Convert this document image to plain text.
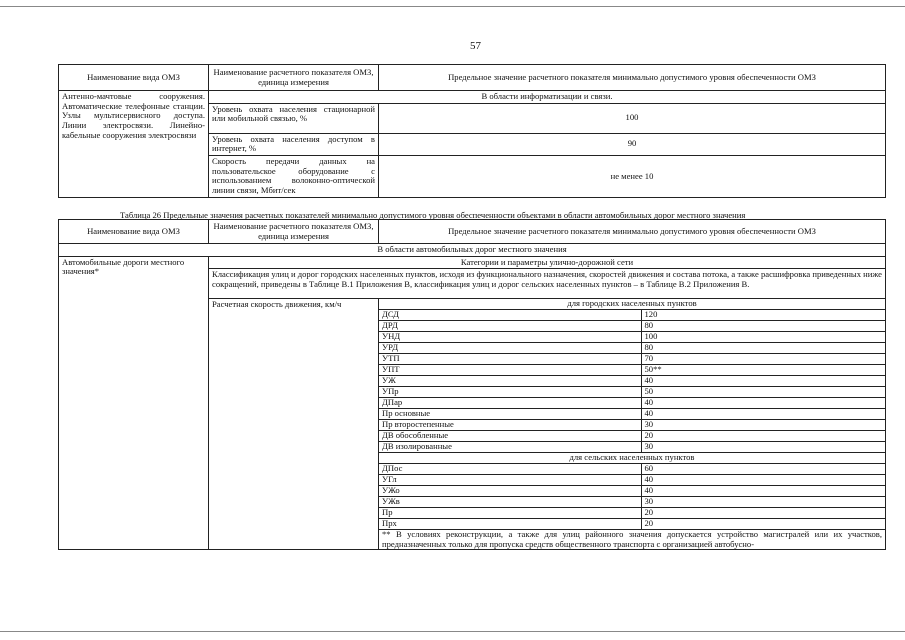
57
Наименование вида ОМЗ	Наименование расчетного показателя ОМЗ, единица измерения	Предельное значение расчетного показателя минимально допустимого уровня обеспеченности ОМЗ
Антенно-мачтовые сооружения. Автоматические телефонные станции. Узлы мультисервисного доступа. Линии электросвязи. Линейно-кабельные сооружения электросвязи	В области информатизации и связи.	
	Уровень охвата населения стационарной или мобильной связью, %	100
	Уровень охвата населения доступом в интернет, %	90
	Скорость передачи данных на пользовательское оборудование с использованием волоконно-оптической линии связи, Мбит/сек	не менее 10
Таблица 26 Предельные значения расчетных показателей минимально допустимого уровня обеспеченности объектами в области автомобильных дорог местного значения
Наименование вида ОМЗ	Наименование расчетного показателя ОМЗ, единица измерения	Предельное значение расчетного показателя минимально допустимого уровня обеспеченности ОМЗ
В области автомобильных дорог местного значения
Автомобильные дороги местного значения*	Категории и параметры улично-дорожной сети
Классификация улиц и дорог городских населенных пунктов, исходя из функционального назначения, скоростей движения и состава потока, а также расшифровка приведенных ниже сокращений, приведены в Таблице В.1 Приложения В, классификация улиц и дорог сельских населенных пунктов – в Таблице В.2 Приложения В.
Расчетная скорость движения, км/ч		для городских населенных пунктов
ДСД	120
ДРД	80
УНД	100
УРД	80
УТП	70
УПТ	50**
УЖ	40
УПр	50
ДПар	40
Пр основные	40
Пр второстепенные	30
ДВ обособленные	20
ДВ изолированные	30
для сельских населенных пунктов
ДПос	60
УГл	40
УЖо	40
УЖв	30
Пр	20
Прх	20
** В условиях реконструкции, а также для улиц районного значения допускается устройство магистралей или их участков, предназначенных только для пропуска средств общественного транспорта с организацией автобусно-
